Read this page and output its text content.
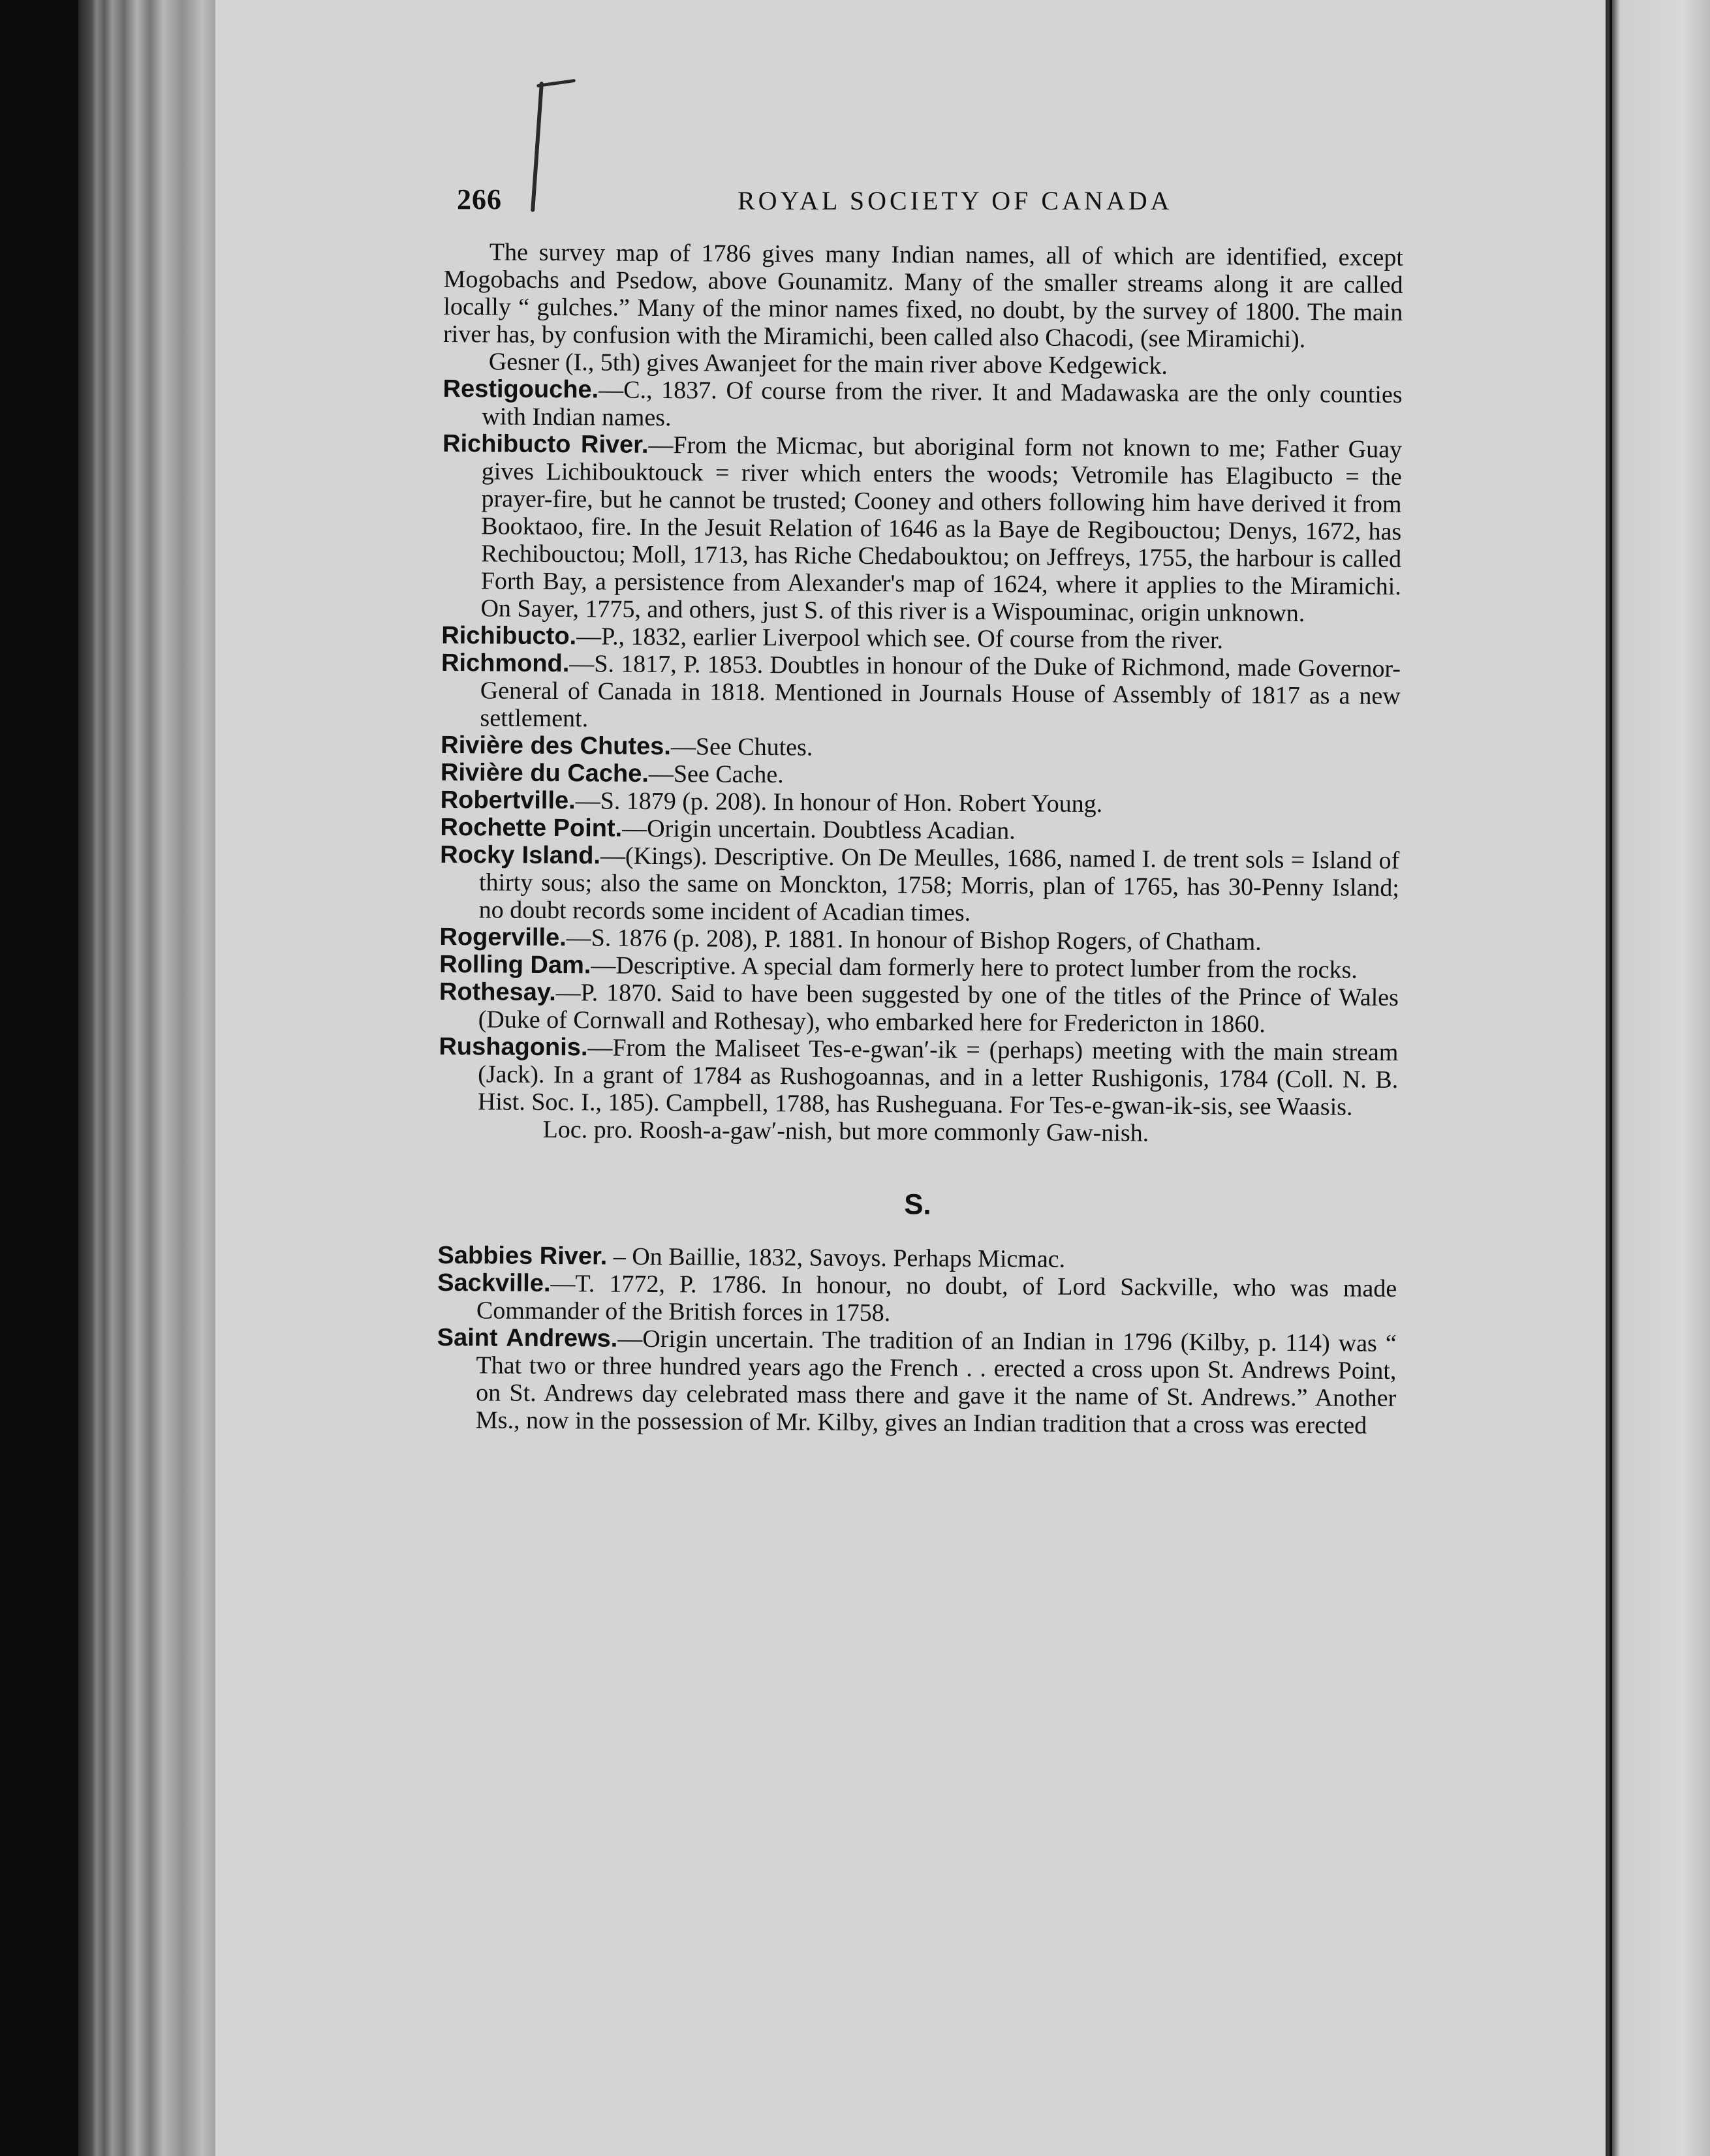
266	ROYAL SOCIETY OF CANADA

The survey map of 1786 gives many Indian names, all of which are identified, except Mogobachs and Psedow, above Gounamitz. Many of the smaller streams along it are called locally “ gulches.” Many of the minor names fixed, no doubt, by the survey of 1800. The main river has, by confusion with the Miramichi, been called also Chacodi, (see Miramichi).

Gesner (I., 5th) gives Awanjeet for the main river above Kedgewick.

Restigouche.—C., 1837. Of course from the river. It and Madawaska are the only counties with Indian names.

Richibucto River.—From the Micmac, but aboriginal form not known to me; Father Guay gives Lichibouktouck = river which enters the woods; Vetromile has Elagibucto = the prayer-fire, but he cannot be trusted; Cooney and others following him have derived it from Booktaoo, fire. In the Jesuit Relation of 1646 as la Baye de Regibouctou; Denys, 1672, has Rechibouctou; Moll, 1713, has Riche Chedabouktou; on Jeffreys, 1755, the harbour is called Forth Bay, a persistence from Alexander's map of 1624, where it applies to the Miramichi. On Sayer, 1775, and others, just S. of this river is a Wispouminac, origin unknown.

Richibucto.—P., 1832, earlier Liverpool which see. Of course from the river.

Richmond.—S. 1817, P. 1853. Doubtles in honour of the Duke of Richmond, made Governor-General of Canada in 1818. Mentioned in Journals House of Assembly of 1817 as a new settlement.

Rivière des Chutes.—See Chutes.

Rivière du Cache.—See Cache.

Robertville.—S. 1879 (p. 208). In honour of Hon. Robert Young.

Rochette Point.—Origin uncertain. Doubtless Acadian.

Rocky Island.—(Kings). Descriptive. On De Meulles, 1686, named I. de trent sols = Island of thirty sous; also the same on Monckton, 1758; Morris, plan of 1765, has 30-Penny Island; no doubt records some incident of Acadian times.

Rogerville.—S. 1876 (p. 208), P. 1881. In honour of Bishop Rogers, of Chatham.

Rolling Dam.—Descriptive. A special dam formerly here to protect lumber from the rocks.

Rothesay.—P. 1870. Said to have been suggested by one of the titles of the Prince of Wales (Duke of Cornwall and Rothesay), who embarked here for Fredericton in 1860.

Rushagonis.—From the Maliseet Tes-e-gwan′-ik = (perhaps) meeting with the main stream (Jack). In a grant of 1784 as Rushogoannas, and in a letter Rushigonis, 1784 (Coll. N. B. Hist. Soc. I., 185). Campbell, 1788, has Rusheguana. For Tes-e-gwan-ik-sis, see Waasis.

Loc. pro. Roosh-a-gaw′-nish, but more commonly Gaw-nish.

S.

Sabbies River. – On Baillie, 1832, Savoys. Perhaps Micmac.

Sackville.—T. 1772, P. 1786. In honour, no doubt, of Lord Sackville, who was made Commander of the British forces in 1758.

Saint Andrews.—Origin uncertain. The tradition of an Indian in 1796 (Kilby, p. 114) was “ That two or three hundred years ago the French . . erected a cross upon St. Andrews Point, on St. Andrews day celebrated mass there and gave it the name of St. Andrews.” Another Ms., now in the possession of Mr. Kilby, gives an Indian tradition that a cross was erected
